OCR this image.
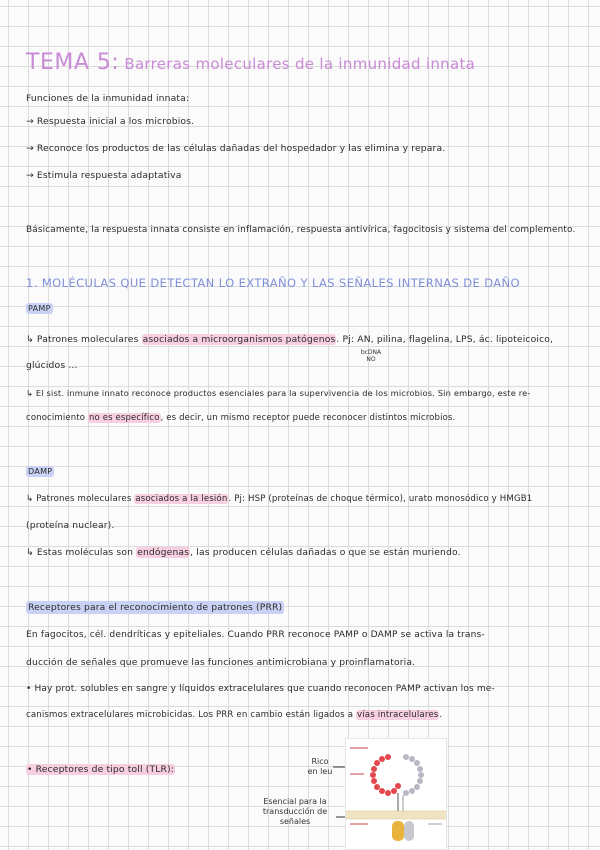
TEMA 5: Barreras moleculares de la inmunidad innata
Funciones de la inmunidad innata:
→ Respuesta inicial a los microbios.
→ Reconoce los productos de las células dañadas del hospedador y las elimina y repara.
→ Estimula respuesta adaptativa
Básicamente, la respuesta innata consiste en inflamación, respuesta antivírica, fagocitosis y sistema del complemento.
1. MOLÉCULAS QUE DETECTAN LO EXTRAÑO Y LAS SEÑALES INTERNAS DE DAÑO
PAMP
↳ Patrones moleculares asociados a microorganismos patógenos. Pj: AN, pilina, flagelina, LPS, ác. lipoteicoico,
bcDNA
NO
glúcidos ...
↳ El sist. inmune innato reconoce productos esenciales para la supervivencia de los microbios. Sin embargo, este re-
conocimiento no es específico, es decir, un mismo receptor puede reconocer distintos microbios.
DAMP
↳ Patrones moleculares asociados a la lesión. Pj: HSP (proteínas de choque térmico), urato monosódico y HMGB1
(proteína nuclear).
↳ Estas moléculas son endógenas, las producen células dañadas o que se están muriendo.
Receptores para el reconocimiento de patrones (PRR)
En fagocitos, cél. dendríticas y epiteliales. Cuando PRR reconoce PAMP o DAMP se activa la trans-
ducción de señales que promueve las funciones antimicrobiana y proinflamatoria.
• Hay prot. solubles en sangre y líquidos extracelulares que cuando reconocen PAMP activan los me-
canismos extracelulares microbicidas. Los PRR en cambio están ligados a vías intracelulares.
• Receptores de tipo toll (TLR):
Rico
en leu
Esencial para la
transducción de
señales
